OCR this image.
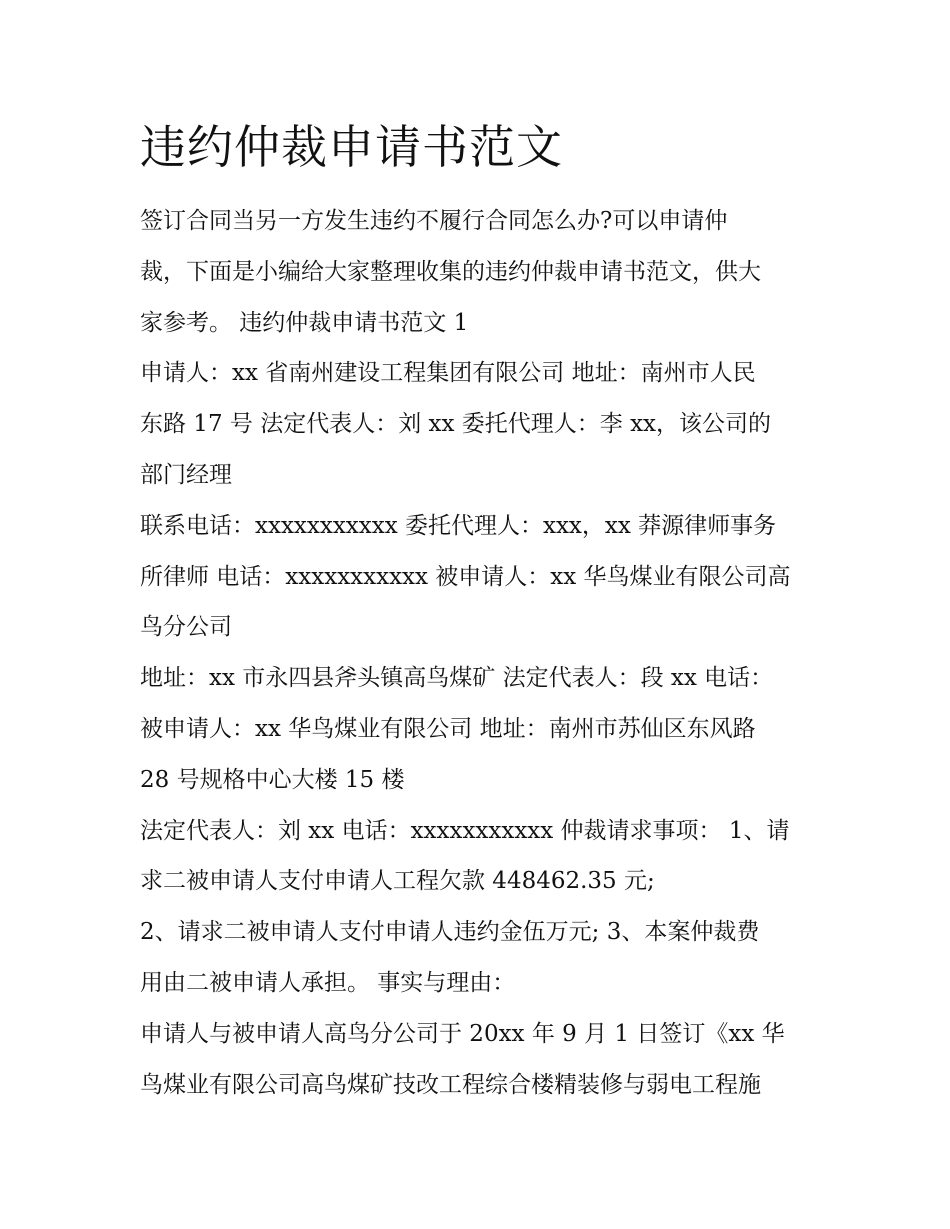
违约仲裁申请书范文
签订合同当另一方发生违约不履行合同怎么办?可以申请仲
裁，下面是小编给大家整理收集的违约仲裁申请书范文，供大
家参考。 违约仲裁申请书范文 1
申请人：xx 省南州建设工程集团有限公司 地址：南州市人民
东路 17 号 法定代表人：刘 xx 委托代理人：李 xx，该公司的
部门经理
联系电话：xxxxxxxxxxx 委托代理人：xxx，xx 莽源律师事务
所律师 电话：xxxxxxxxxxx 被申请人：xx 华鸟煤业有限公司高
鸟分公司
地址：xx 市永四县斧头镇高鸟煤矿 法定代表人：段 xx 电话：
被申请人：xx 华鸟煤业有限公司 地址：南州市苏仙区东风路
28 号规格中心大楼 15 楼
法定代表人：刘 xx 电话：xxxxxxxxxxx 仲裁请求事项： 1、请
求二被申请人支付申请人工程欠款 448462.35 元;
2、请求二被申请人支付申请人违约金伍万元; 3、本案仲裁费
用由二被申请人承担。 事实与理由：
申请人与被申请人高鸟分公司于 20xx 年 9 月 1 日签订《xx 华
鸟煤业有限公司高鸟煤矿技改工程综合楼精装修与弱电工程施
